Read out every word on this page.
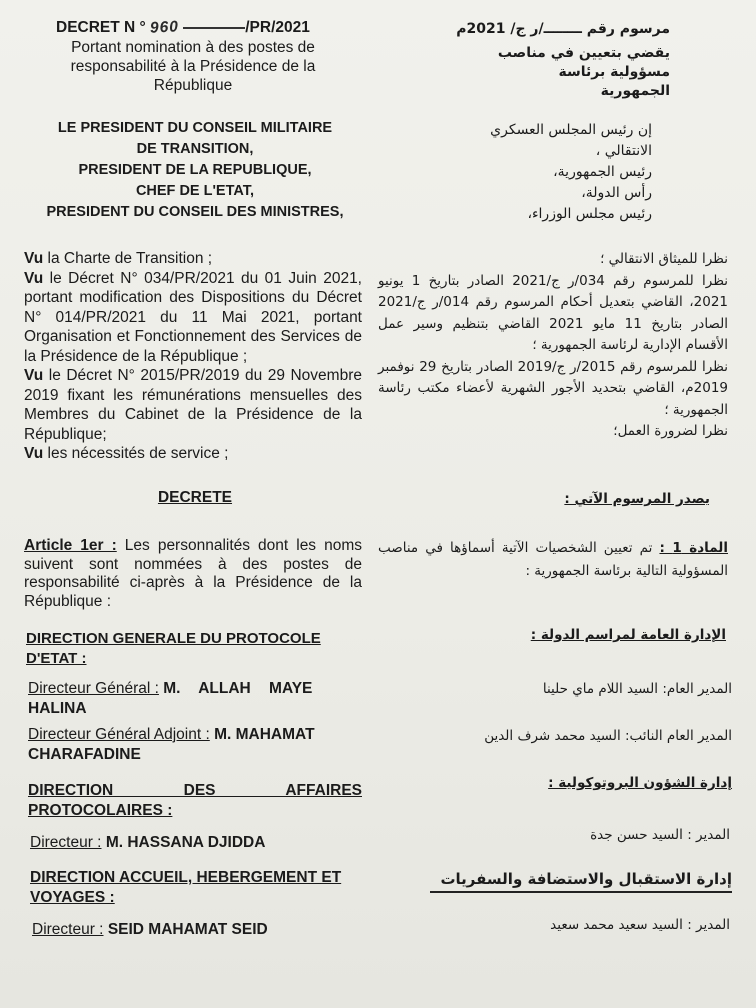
DECRET N ° 960	/PR/2021
Portant nomination à des postes de responsabilité à la Présidence de la République
مرسوم رقم ــــــــ/ر ج/ 2021م
يقضي بتعيين في مناصب مسؤولية برئاسة الجمهورية
LE PRESIDENT DU CONSEIL MILITAIRE
DE TRANSITION,
PRESIDENT DE LA REPUBLIQUE,
CHEF DE L'ETAT,
PRESIDENT DU CONSEIL DES MINISTRES,
إن رئيس المجلس العسكري
الانتقالي ،
رئيس الجمهورية،
رأس الدولة،
رئيس مجلس الوزراء،
Vu la Charte de Transition ;
Vu le Décret N° 034/PR/2021 du 01 Juin 2021, portant modification des Dispositions du Décret N° 014/PR/2021 du 11 Mai 2021, portant Organisation et Fonctionnement des Services de la Présidence de la République ;
Vu le Décret N° 2015/PR/2019 du 29 Novembre 2019 fixant les rémunérations mensuelles des Membres du Cabinet de la Présidence de la République;
Vu les nécessités de service ;
نظرا للميثاق الانتقالي ؛
نظرا للمرسوم رقم 034/ر ج/2021 الصادر بتاريخ 1 يونيو 2021، القاضي بتعديل أحكام المرسوم رقم 014/ر ج/2021 الصادر بتاريخ 11 مايو 2021 القاضي بتنظيم وسير عمل الأقسام الإدارية لرئاسة الجمهورية ؛
نظرا للمرسوم رقم 2015/ر ج/2019 الصادر بتاريخ 29 نوفمبر 2019م، القاضي بتحديد الأجور الشهرية لأعضاء مكتب رئاسة الجمهورية ؛
نظرا لضرورة العمل؛
DECRETE	يصدر المرسوم الآتي :
Article 1er : Les personnalités dont les noms suivent sont nommées à des postes de responsabilité ci-après à la Présidence de la République :
المادة 1 : تم تعيين الشخصيات الآتية أسماؤها في مناصب المسؤولية التالية برئاسة الجمهورية :
DIRECTION GENERALE DU PROTOCOLE D'ETAT :
الإدارة العامة لمراسم الدولة :
Directeur Général : M. ALLAH MAYE HALINA
المدير العام: السيد اللام ماي حلينا
Directeur Général Adjoint : M. MAHAMAT CHARAFADINE
المدير العام النائب: السيد محمد شرف الدين
DIRECTION DES AFFAIRES PROTOCOLAIRES :
إدارة الشؤون البروتوكولية :
Directeur : M. HASSANA DJIDDA	المدير : السيد حسن جدة
DIRECTION ACCUEIL, HEBERGEMENT ET VOYAGES :
إدارة الاستقبال والاستضافة والسفريات
Directeur : SEID MAHAMAT SEID	المدير : السيد سعيد محمد سعيد
